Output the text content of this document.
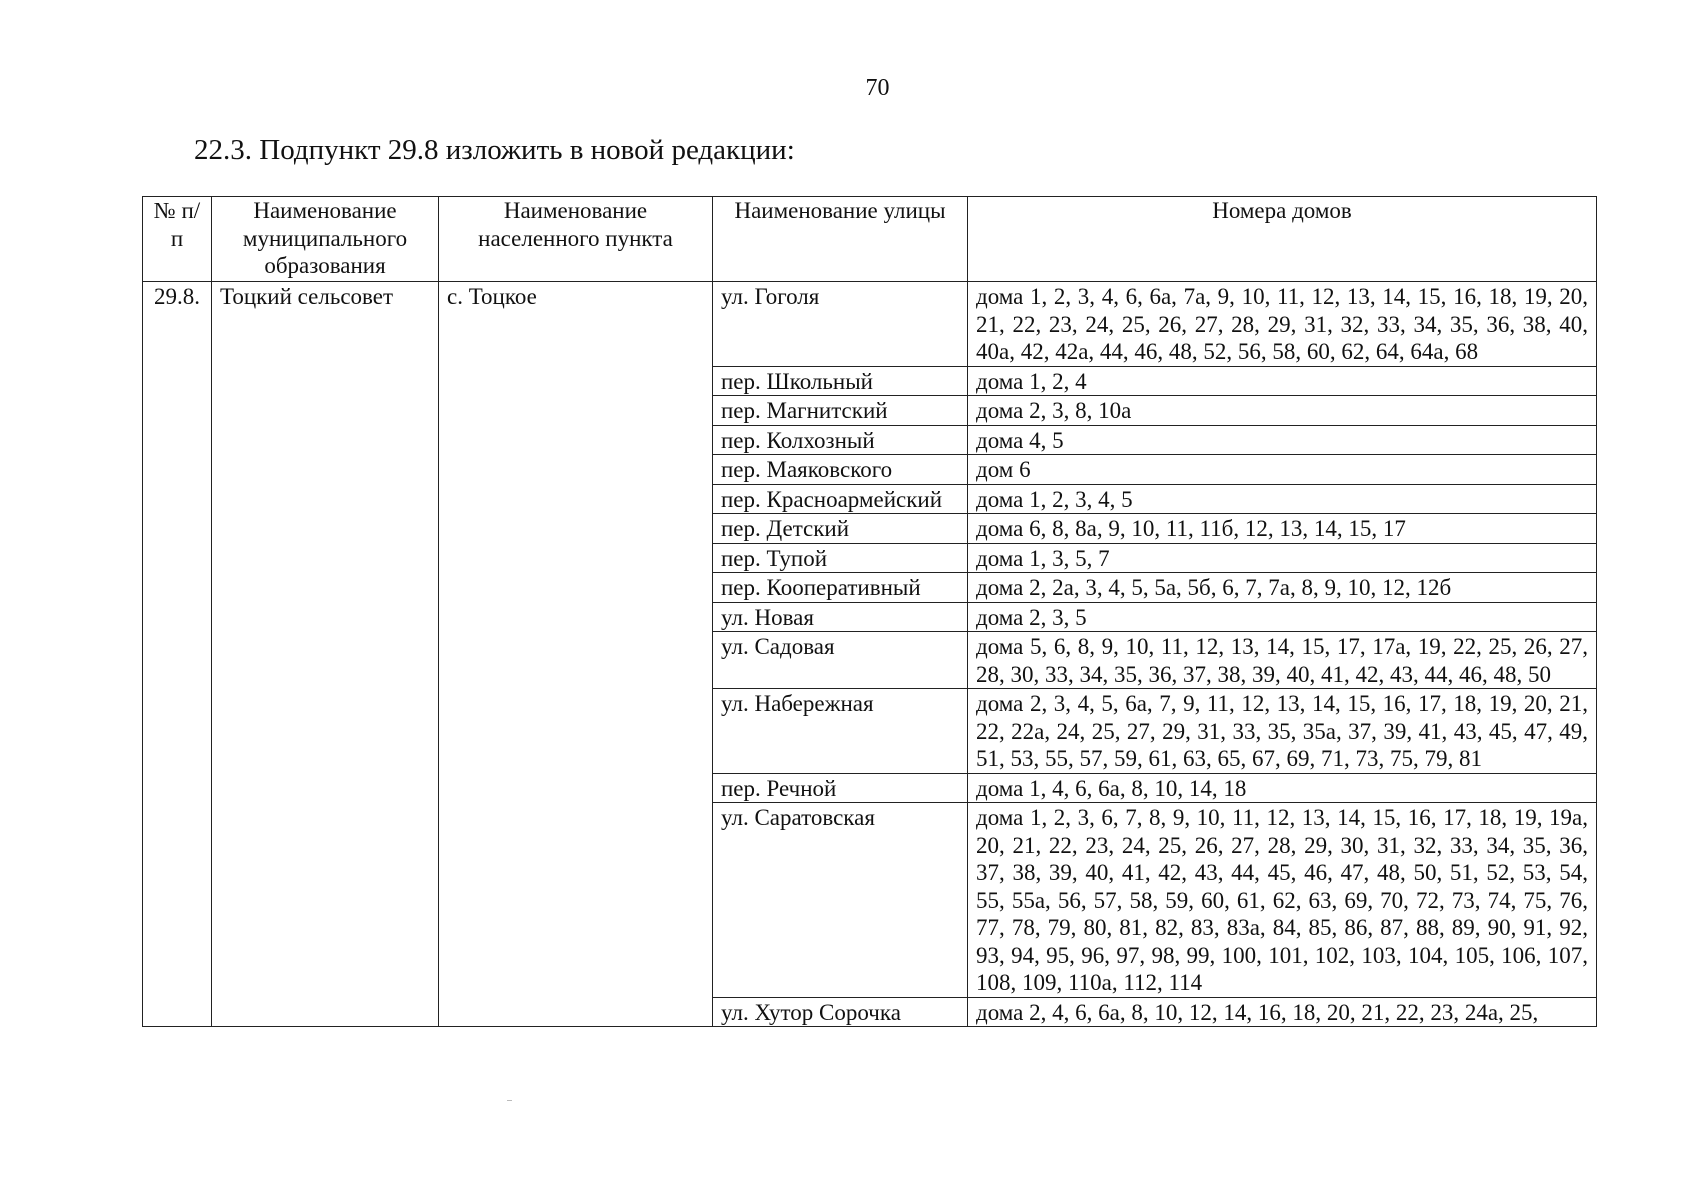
70
22.3. Подпункт 29.8 изложить в новой редакции:
№ п/п	Наименование муниципального образования	Наименование населенного пункта	Наименование улицы	Номера домов
29.8.	Тоцкий сельсовет	с. Тоцкое	ул. Гоголя	дома 1, 2, 3, 4, 6, 6а, 7а, 9, 10, 11, 12, 13, 14, 15, 16, 18, 19, 20, 21, 22, 23, 24, 25, 26, 27, 28, 29, 31, 32, 33, 34, 35, 36, 38, 40, 40а, 42, 42а, 44, 46, 48, 52, 56, 58, 60, 62, 64, 64а, 68
			пер. Школьный	дома 1, 2, 4
			пер. Магнитский	дома 2, 3, 8, 10а
			пер. Колхозный	дома 4, 5
			пер. Маяковского	дом 6
			пер. Красноармейский	дома 1, 2, 3, 4, 5
			пер. Детский	дома 6, 8, 8а, 9, 10, 11, 11б, 12, 13, 14, 15, 17
			пер. Тупой	дома 1, 3, 5, 7
			пер. Кооперативный	дома 2, 2а, 3, 4, 5, 5а, 5б, 6, 7, 7а, 8, 9, 10, 12, 12б
			ул. Новая	дома 2, 3, 5
			ул. Садовая	дома 5, 6, 8, 9, 10, 11, 12, 13, 14, 15, 17, 17а, 19, 22, 25, 26, 27, 28, 30, 33, 34, 35, 36, 37, 38, 39, 40, 41, 42, 43, 44, 46, 48, 50
			ул. Набережная	дома 2, 3, 4, 5, 6а, 7, 9, 11, 12, 13, 14, 15, 16, 17, 18, 19, 20, 21, 22, 22а, 24, 25, 27, 29, 31, 33, 35, 35а, 37, 39, 41, 43, 45, 47, 49, 51, 53, 55, 57, 59, 61, 63, 65, 67, 69, 71, 73, 75, 79, 81
			пер. Речной	дома 1, 4, 6, 6а, 8, 10, 14, 18
			ул. Саратовская	дома 1, 2, 3, 6, 7, 8, 9, 10, 11, 12, 13, 14, 15, 16, 17, 18, 19, 19а, 20, 21, 22, 23, 24, 25, 26, 27, 28, 29, 30, 31, 32, 33, 34, 35, 36, 37, 38, 39, 40, 41, 42, 43, 44, 45, 46, 47, 48, 50, 51, 52, 53, 54, 55, 55а, 56, 57, 58, 59, 60, 61, 62, 63, 69, 70, 72, 73, 74, 75, 76, 77, 78, 79, 80, 81, 82, 83, 83а, 84, 85, 86, 87, 88, 89, 90, 91, 92, 93, 94, 95, 96, 97, 98, 99, 100, 101, 102, 103, 104, 105, 106, 107, 108, 109, 110а, 112, 114
			ул. Хутор Сорочка	дома 2, 4, 6, 6а, 8, 10, 12, 14, 16, 18, 20, 21, 22, 23, 24а, 25,
